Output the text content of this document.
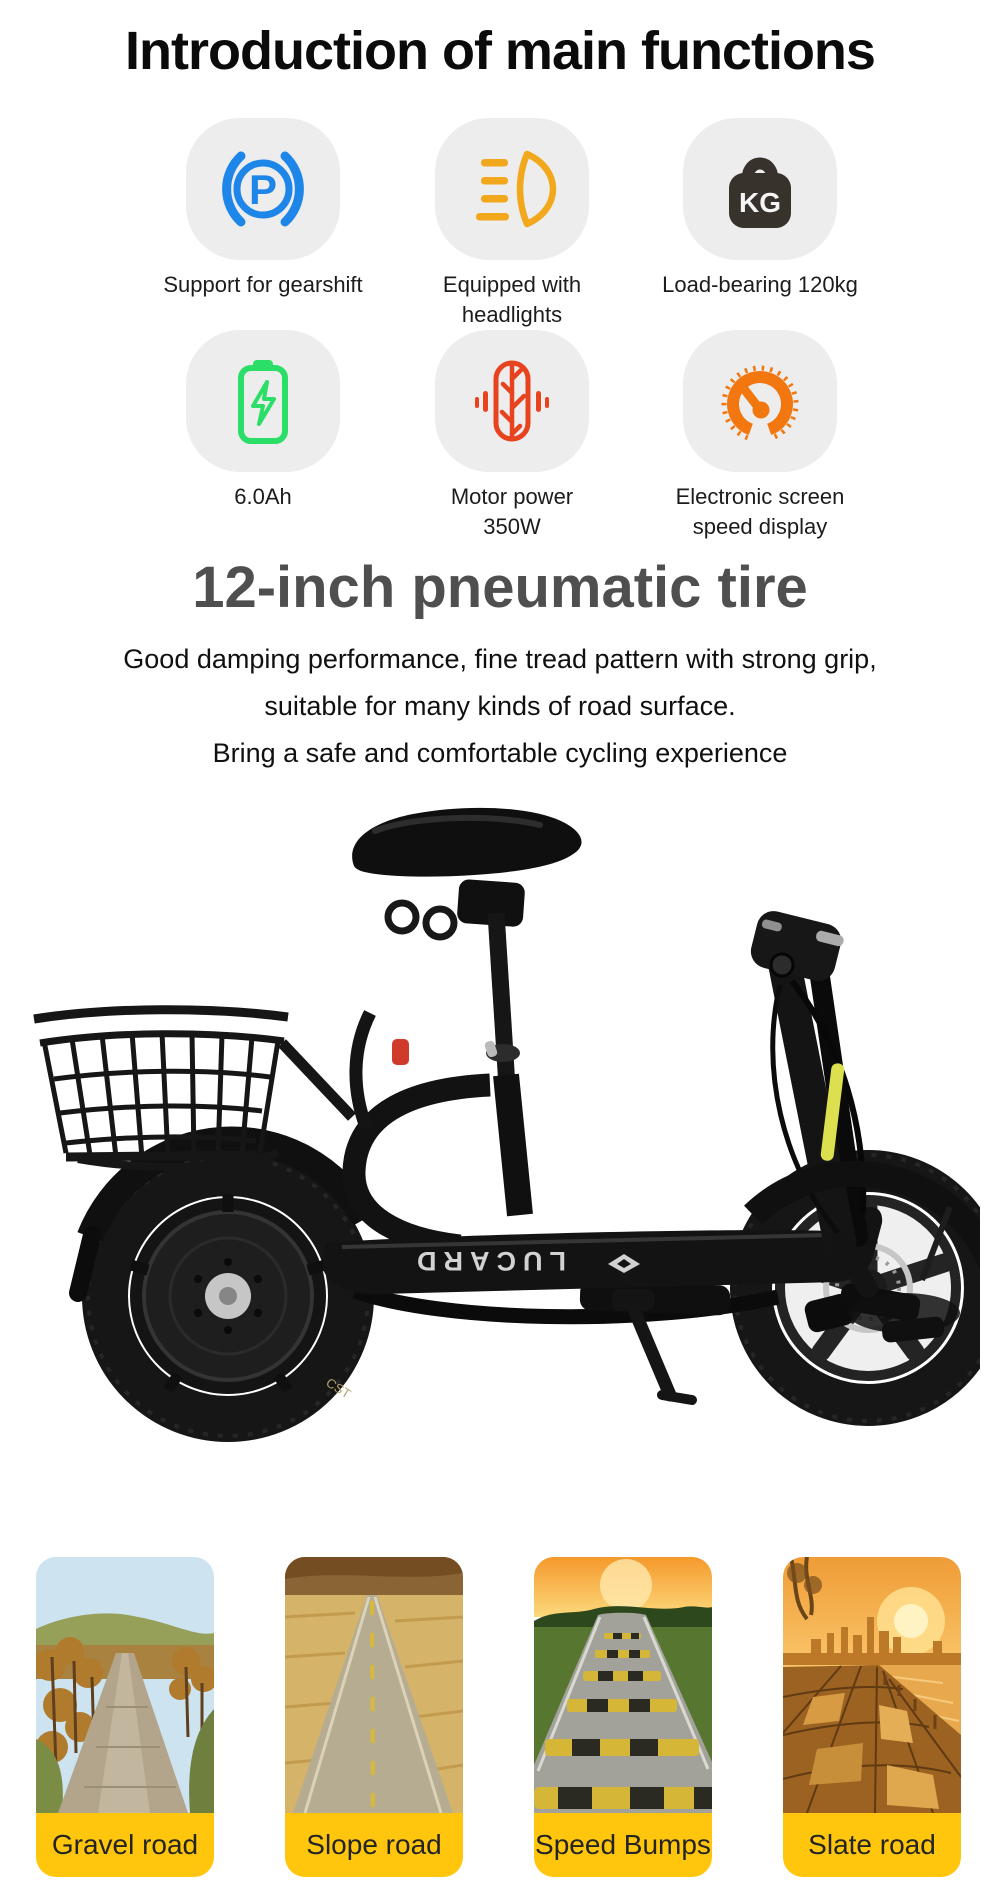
Introduction of main functions
P
Support for gearshift	Equipped with
headlights
KG
Load-bearing 120kg
6.0Ah	Motor power
350W
Electronic screen
speed display
12-inch pneumatic tire
Good damping performance, fine tread pattern with strong grip,
suitable for many kinds of road surface.
Bring a safe and comfortable cycling experience
CST
LUCARD
Gravel road	Slope road	Speed Bumps	Slate road
